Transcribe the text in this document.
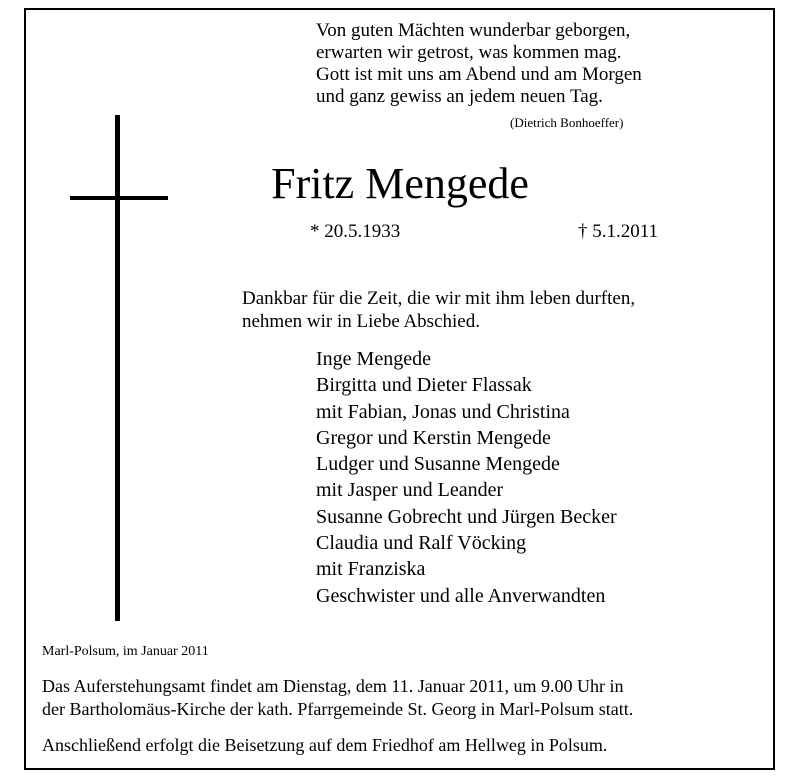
Von guten Mächten wunderbar geborgen,
erwarten wir getrost, was kommen mag.
Gott ist mit uns am Abend und am Morgen
und ganz gewiss an jedem neuen Tag.
(Dietrich Bonhoeffer)
Fritz Mengede
* 20.5.1933	† 5.1.2011
Dankbar für die Zeit, die wir mit ihm leben durften,
nehmen wir in Liebe Abschied.
Inge Mengede
Birgitta und Dieter Flassak
mit Fabian, Jonas und Christina
Gregor und Kerstin Mengede
Ludger und Susanne Mengede
mit Jasper und Leander
Susanne Gobrecht und Jürgen Becker
Claudia und Ralf Vöcking
mit Franziska
Geschwister und alle Anverwandten
Marl-Polsum, im Januar 2011
Das Auferstehungsamt findet am Dienstag, dem 11. Januar 2011, um 9.00 Uhr in
der Bartholomäus-Kirche der kath. Pfarrgemeinde St. Georg in Marl-Polsum statt.
Anschließend erfolgt die Beisetzung auf dem Friedhof am Hellweg in Polsum.
